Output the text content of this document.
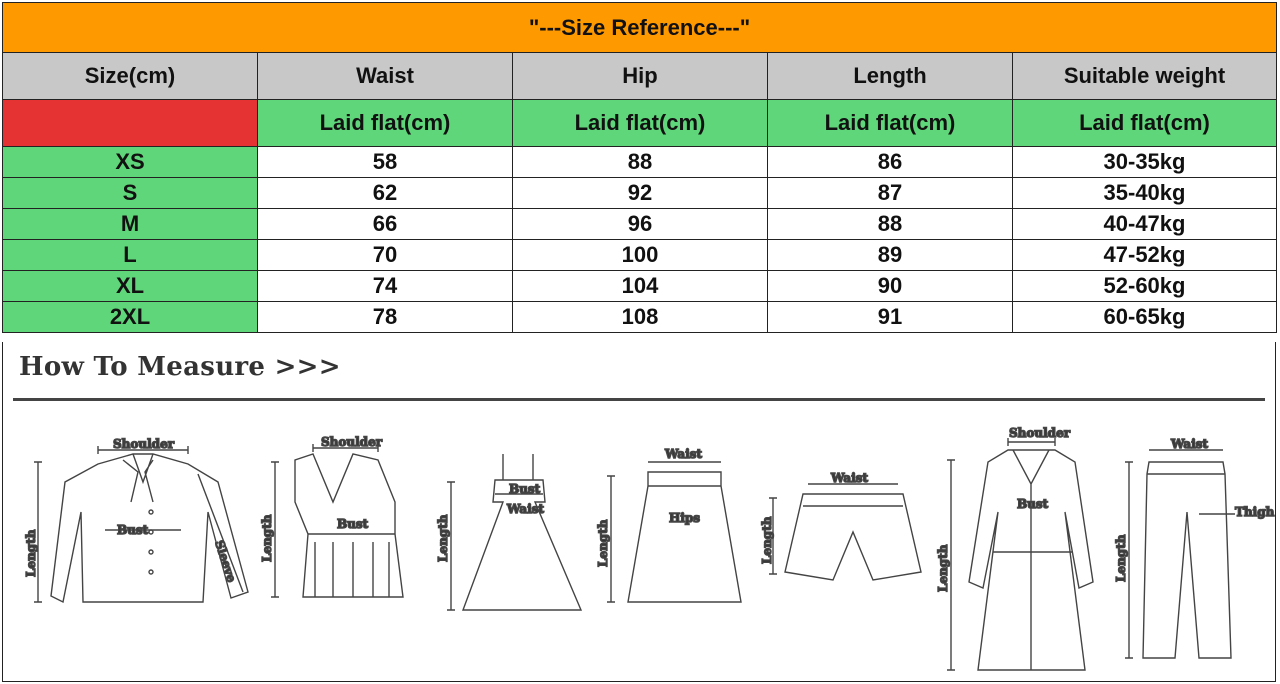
"---Size Reference---"				
Size(cm)	Waist	Hip	Length	Suitable weight
	Laid flat(cm)	Laid flat(cm)	Laid flat(cm)	Laid flat(cm)
XS	58	88	86	30-35kg
S	62	92	87	35-40kg
M	66	96	88	40-47kg
L	70	100	89	47-52kg
XL	74	104	90	52-60kg
2XL	78	108	91	60-65kg
How To Measure >>>
Shoulder
Bust
Sleeve
Length
Shoulder
Bust
Length
Bust
Waist
Length
Waist
Hips
Length
Waist
Length
Shoulder
Bust
Length
Waist
Thigh
Length
